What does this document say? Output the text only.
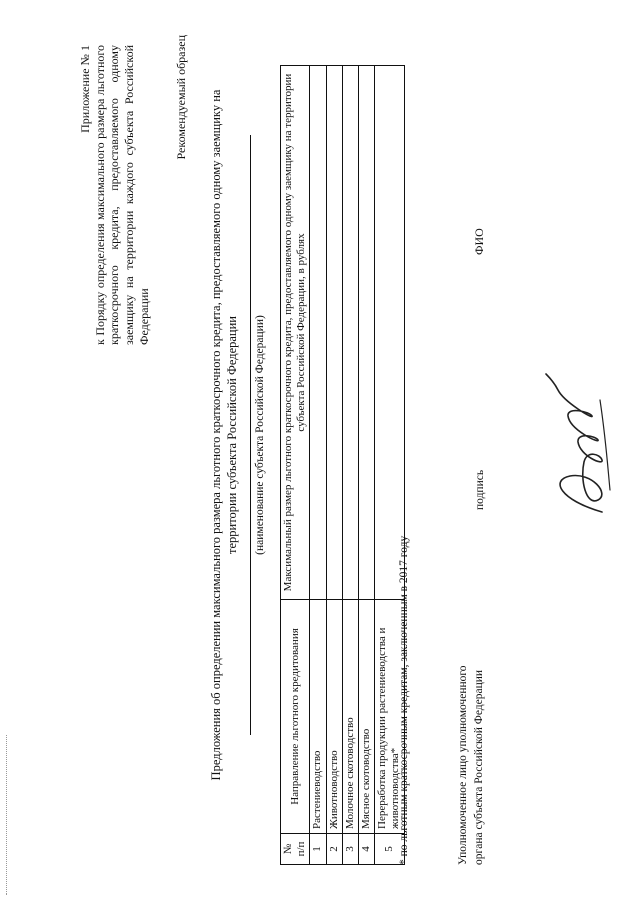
Приложение № 1 к Порядку определения максимального размера льготного краткосрочного кредита, предоставляемого одному заемщику на территории каждого субъекта Российской Федерации
Рекомендуемый образец Предложения об определении максимального размера льготного краткосрочного кредита, предоставляемого одному заемщику на территории субъекта Российской Федерации (наименование субъекта Российской Федерации)
№ п/п	Направление льготного кредитования	Максимальный размер льготного краткосрочного кредита, предоставляемого одному заемщику на территории субъекта Российской Федерации, в рублях
1	Растениеводство	
2	Животноводство	
3	Молочное скотоводство	
4	Мясное скотоводство	
5	Переработка продукции растениеводства и животноводства*	
* по льготным краткосрочным кредитам, заключенным в 2017 году	Уполномоченное лицо уполномоченного органа субъекта Российской Федерации
подпись
ФИО
